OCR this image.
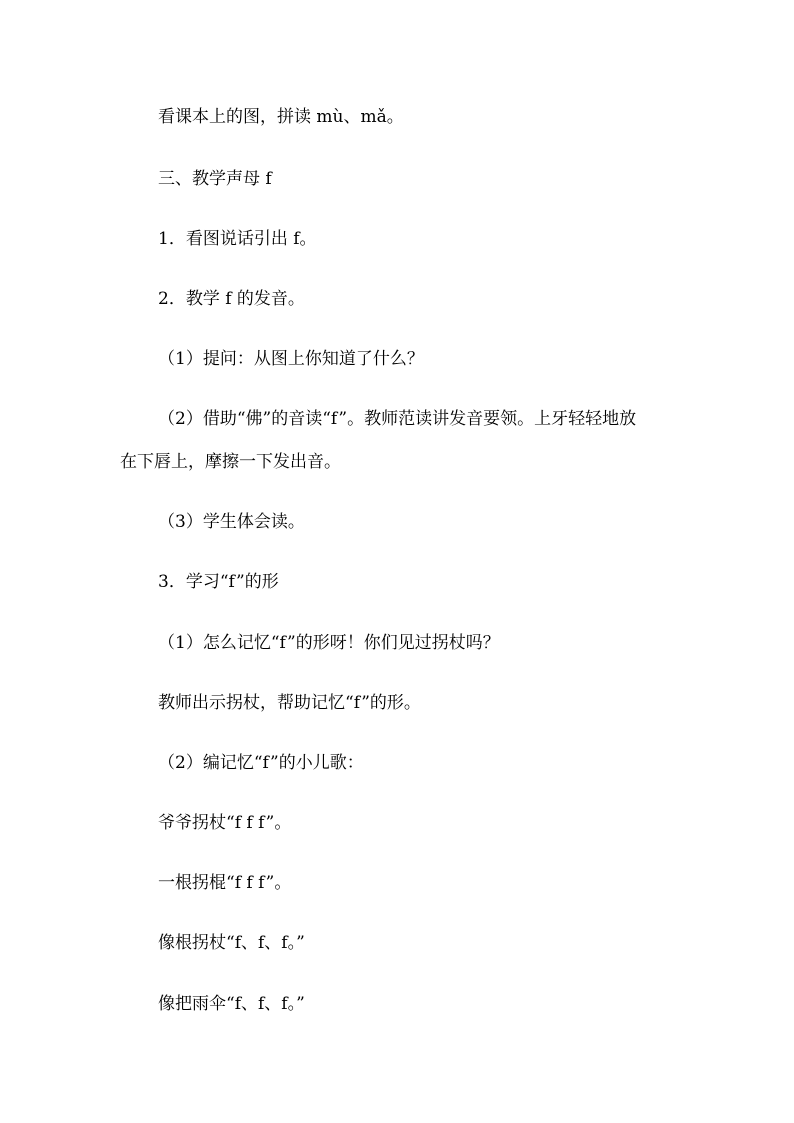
看课本上的图，拼读 mù、mǎ。

三、教学声母 f

1．看图说话引出 f。

2．教学 f 的发音。

（1）提问：从图上你知道了什么？

（2）借助“佛”的音读“f”。教师范读讲发音要领。上牙轻轻地放

在下唇上，摩擦一下发出音。

（3）学生体会读。

3．学习“f”的形

（1）怎么记忆“f”的形呀！你们见过拐杖吗？

教师出示拐杖，帮助记忆“f”的形。

（2）编记忆“f”的小儿歌：

爷爷拐杖“f f f”。

一根拐棍“f f f”。

像根拐杖“f、f、f。”

像把雨伞“f、f、f。”
